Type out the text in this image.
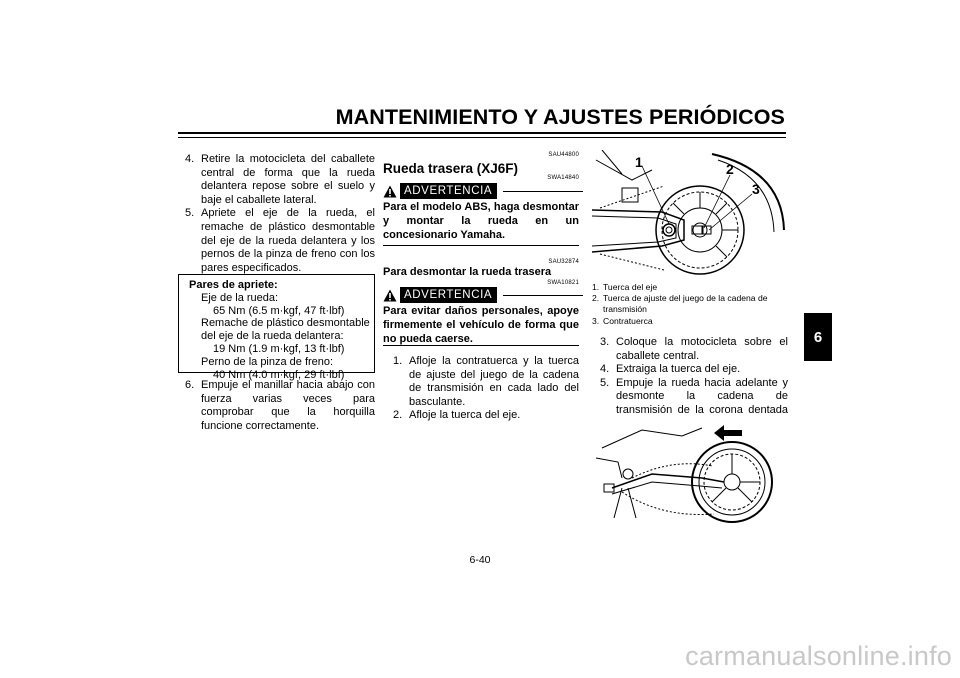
MANTENIMIENTO Y AJUSTES PERIÓDICOS
6
4. Retire la motocicleta del caballete central de forma que la rueda delantera repose sobre el suelo y baje el caballete lateral.
5. Apriete el eje de la rueda, el remache de plástico desmontable del eje de la rueda delantera y los pernos de la pinza de freno con los pares especificados.
Pares de apriete:
Eje de la rueda:
65 Nm (6.5 m·kgf, 47 ft·lbf)
Remache de plástico desmontable del eje de la rueda delantera:
19 Nm (1.9 m·kgf, 13 ft·lbf)
Perno de la pinza de freno:
40 Nm (4.0 m·kgf, 29 ft·lbf)
6. Empuje el manillar hacia abajo con fuerza varias veces para comprobar que la horquilla funcione correctamente.
SAU44800
Rueda trasera (XJ6F)
SWA14840
ADVERTENCIA
Para el modelo ABS, haga desmontar y montar la rueda en un concesionario Yamaha.
SAU32874
Para desmontar la rueda trasera
SWA10821
ADVERTENCIA
Para evitar daños personales, apoye firmemente el vehículo de forma que no pueda caerse.
1. Afloje la contratuerca y la tuerca de ajuste del juego de la cadena de transmisión en cada lado del basculante.
2. Afloje la tuerca del eje.
1	2
3
1. Tuerca del eje
2. Tuerca de ajuste del juego de la cadena de transmisión
3. Contratuerca
3. Coloque la motocicleta sobre el caballete central.
4. Extraiga la tuerca del eje.
5. Empuje la rueda hacia adelante y desmonte la cadena de transmisión de la corona dentada
6-40
carmanualsonline.info
